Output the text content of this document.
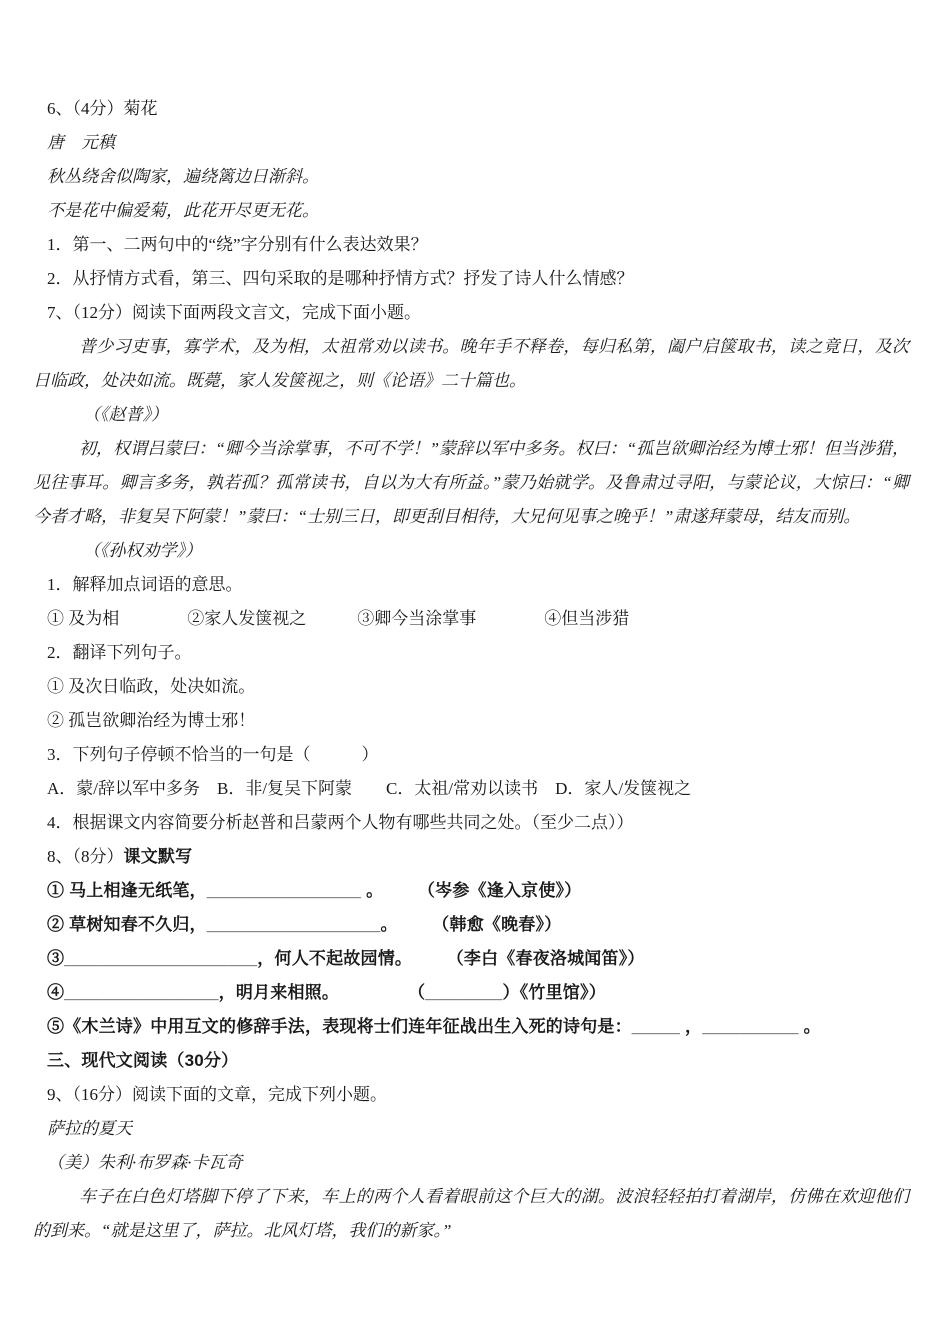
6、（4分）菊花
唐　元稹
秋丛绕舍似陶家，遍绕篱边日渐斜。
不是花中偏爱菊，此花开尽更无花。
1．第一、二两句中的“绕”字分别有什么表达效果？
2．从抒情方式看，第三、四句采取的是哪种抒情方式？抒发了诗人什么情感？
7、（12分）阅读下面两段文言文，完成下面小题。
普少习吏事，寡学术，及为相，太祖常劝以读书。晚年手不释卷，每归私第，阖户启箧取书，读之竟日，及次日临政，处决如流。既薨，家人发箧视之，则《论语》二十篇也。
（《赵普》）
初，权谓吕蒙曰：“卿今当涂掌事，不可不学！”蒙辞以军中多务。权曰：“孤岂欲卿治经为博士邪！但当涉猎，见往事耳。卿言多务，孰若孤？孤常读书，自以为大有所益。”蒙乃始就学。及鲁肃过寻阳，与蒙论议，大惊曰：“卿今者才略，非复吴下阿蒙！”蒙曰：“士别三日，即更刮目相待，大兄何见事之晚乎！”肃遂拜蒙母，结友而别。
（《孙权劝学》）
1．解释加点词语的意思。
① 及为相　　　　②家人发箧视之　　　③卿今当涂掌事　　　　④但当涉猎
2．翻译下列句子。
① 及次日临政，处决如流。
② 孤岂欲卿治经为博士邪！
3．下列句子停顿不恰当的一句是（　　　）
A．蒙/辞以军中多务　B．非/复吴下阿蒙　　C．太祖/常劝以读书　D．家人/发箧视之
4．根据课文内容简要分析赵普和吕蒙两个人物有哪些共同之处。（至少二点））
8、（8分）课文默写
① 马上相逢无纸笔，________________ 。　　　（岑参《逢入京使》）
② 草树知春不久归，__________________。　　　（韩愈《晚春》）
③____________________，何人不起故园情。　　　（李白《春夜洛城闻笛》）
④________________，明月来相照。　　　　　（________）《竹里馆》）
⑤《木兰诗》中用互文的修辞手法，表现将士们连年征战出生入死的诗句是：_____ ，__________ 。
三、现代文阅读（30分）
9、（16分）阅读下面的文章，完成下列小题。
萨拉的夏天
（美）朱利·布罗森·卡瓦奇
车子在白色灯塔脚下停了下来，车上的两个人看着眼前这个巨大的湖。波浪轻轻拍打着湖岸，仿佛在欢迎他们的到来。“就是这里了，萨拉。北风灯塔，我们的新家。”
